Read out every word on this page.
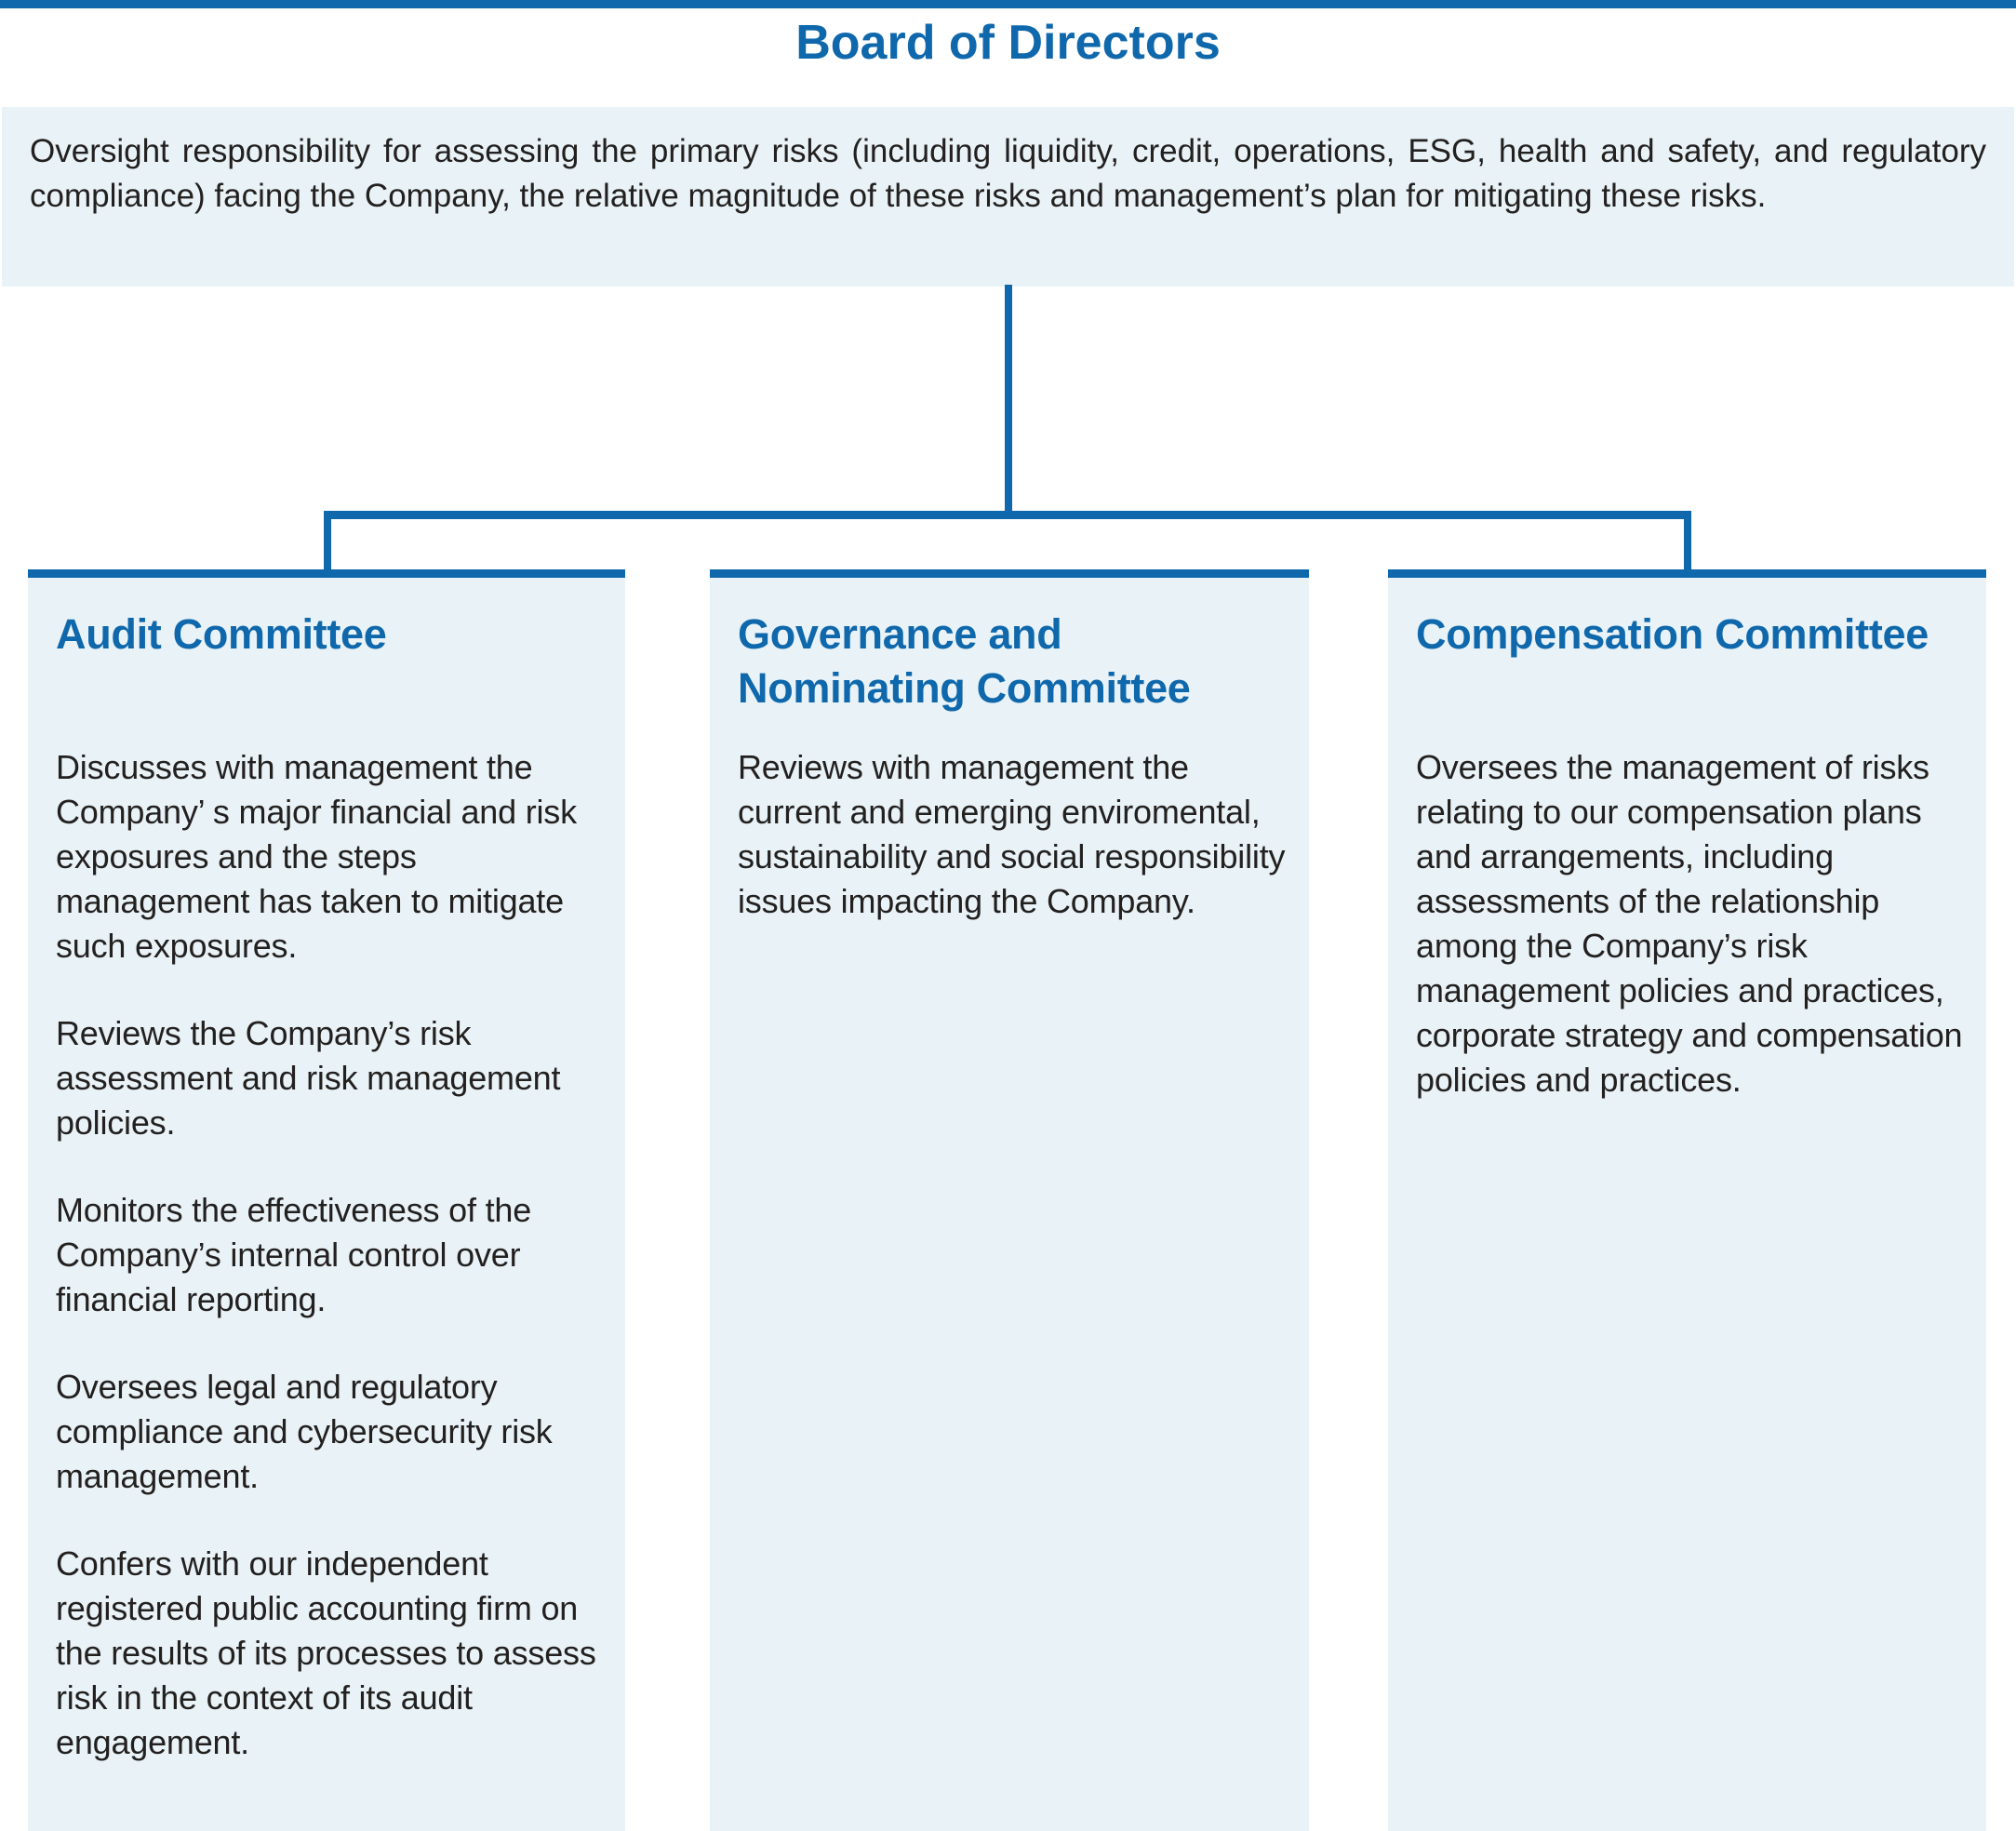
Board of Directors
Oversight responsibility for assessing the primary risks (including liquidity, credit, operations, ESG, health and safety, and regulatory compliance) facing the Company, the relative magnitude of these risks and management’s plan for mitigating these risks.
Audit Committee

Discusses with management the Company’ s major financial and risk exposures and the steps management has taken to mitigate such exposures.

Reviews the Company’s risk assessment and risk management policies.

Monitors the effectiveness of the Company’s internal control over financial reporting.

Oversees legal and regulatory compliance and cybersecurity risk management.

Confers with our independent registered public accounting firm on the results of its processes to assess risk in the context of its audit engagement.

Governance and Nominating Committee

Reviews with management the current and emerging enviromental, sustainability and social responsibility issues impacting the Company.

Compensation Committee

Oversees the management of risks relating to our compensation plans and arrangements, including assessments of the relationship among the Company’s risk management policies and practices, corporate strategy and compensation policies and practices.
